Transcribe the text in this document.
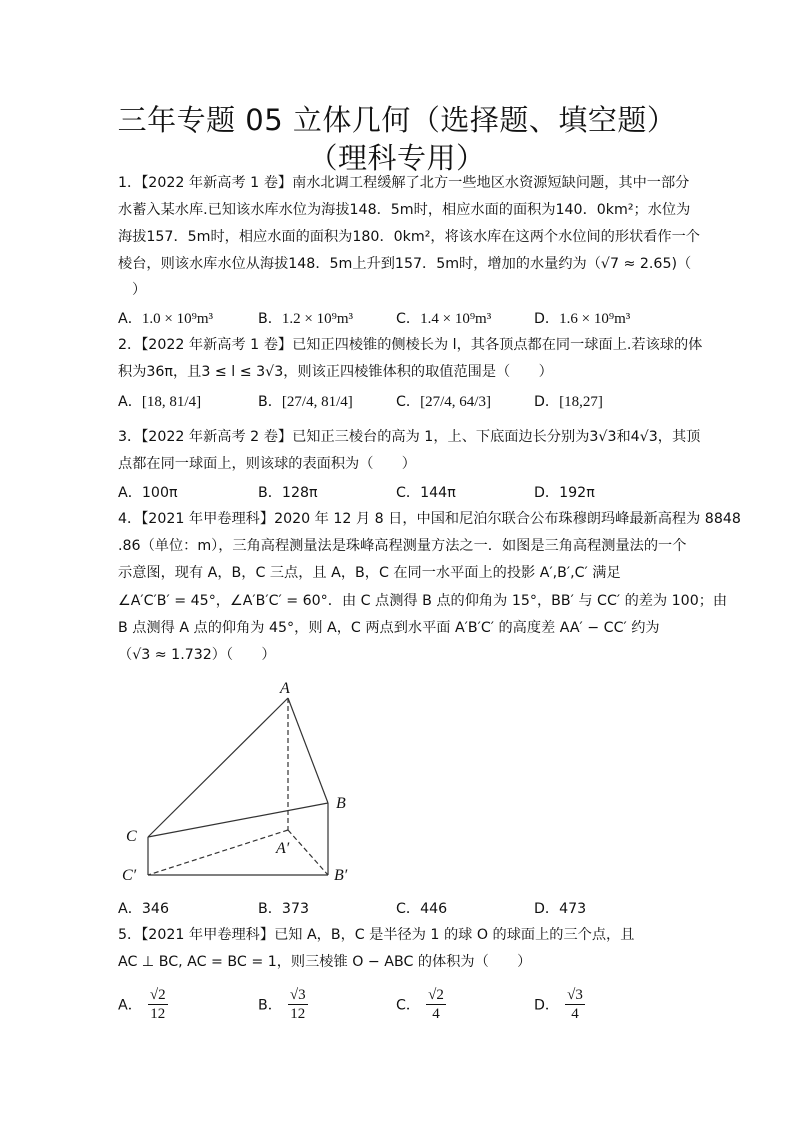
三年专题 05 立体几何（选择题、填空题）
（理科专用）
1．【2022 年新高考 1 卷】南水北调工程缓解了北方一些地区水资源短缺问题，其中一部分
水蓄入某水库.已知该水库水位为海拔148．5m时，相应水面的面积为140．0km²；水位为
海拔157．5m时，相应水面的面积为180．0km²，将该水库在这两个水位间的形状看作一个
棱台，则该水库水位从海拔148．5m上升到157．5m时，增加的水量约为（√7 ≈ 2.65)（
）
A．1.0 × 10⁹m³	B．1.2 × 10⁹m³	C．1.4 × 10⁹m³	D．1.6 × 10⁹m³
2．【2022 年新高考 1 卷】已知正四棱锥的侧棱长为 l，其各顶点都在同一球面上.若该球的体
积为36π，且3 ≤ l ≤ 3√3，则该正四棱锥体积的取值范围是（　　）
A．[18, 81/4]	B．[27/4, 81/4]	C．[27/4, 64/3]	D．[18,27]
3．【2022 年新高考 2 卷】已知正三棱台的高为 1，上、下底面边长分别为3√3和4√3，其顶
点都在同一球面上，则该球的表面积为（　　）
A．100π	B．128π	C．144π	D．192π
4．【2021 年甲卷理科】2020 年 12 月 8 日，中国和尼泊尔联合公布珠穆朗玛峰最新高程为 8848
.86（单位：m），三角高程测量法是珠峰高程测量方法之一．如图是三角高程测量法的一个
示意图，现有 A，B，C 三点，且 A，B，C 在同一水平面上的投影 A′,B′,C′ 满足
∠A′C′B′ = 45°，∠A′B′C′ = 60°．由 C 点测得 B 点的仰角为 15°，BB′ 与 CC′ 的差为 100；由
B 点测得 A 点的仰角为 45°，则 A，C 两点到水平面 A′B′C′ 的高度差 AA′ − CC′ 约为
（√3 ≈ 1.732）（　　）
A
B
C
A′
B′
C′
A．346	B．373	C．446	D．473
5．【2021 年甲卷理科】已知 A，B，C 是半径为 1 的球 O 的球面上的三个点，且
AC ⊥ BC, AC = BC = 1，则三棱锥 O − ABC 的体积为（　　）
A． $\frac{√2}{12}$	B． $\frac{√3}{12}$	C． $\frac{√2}{4}$	D． $\frac{√3}{4}$
